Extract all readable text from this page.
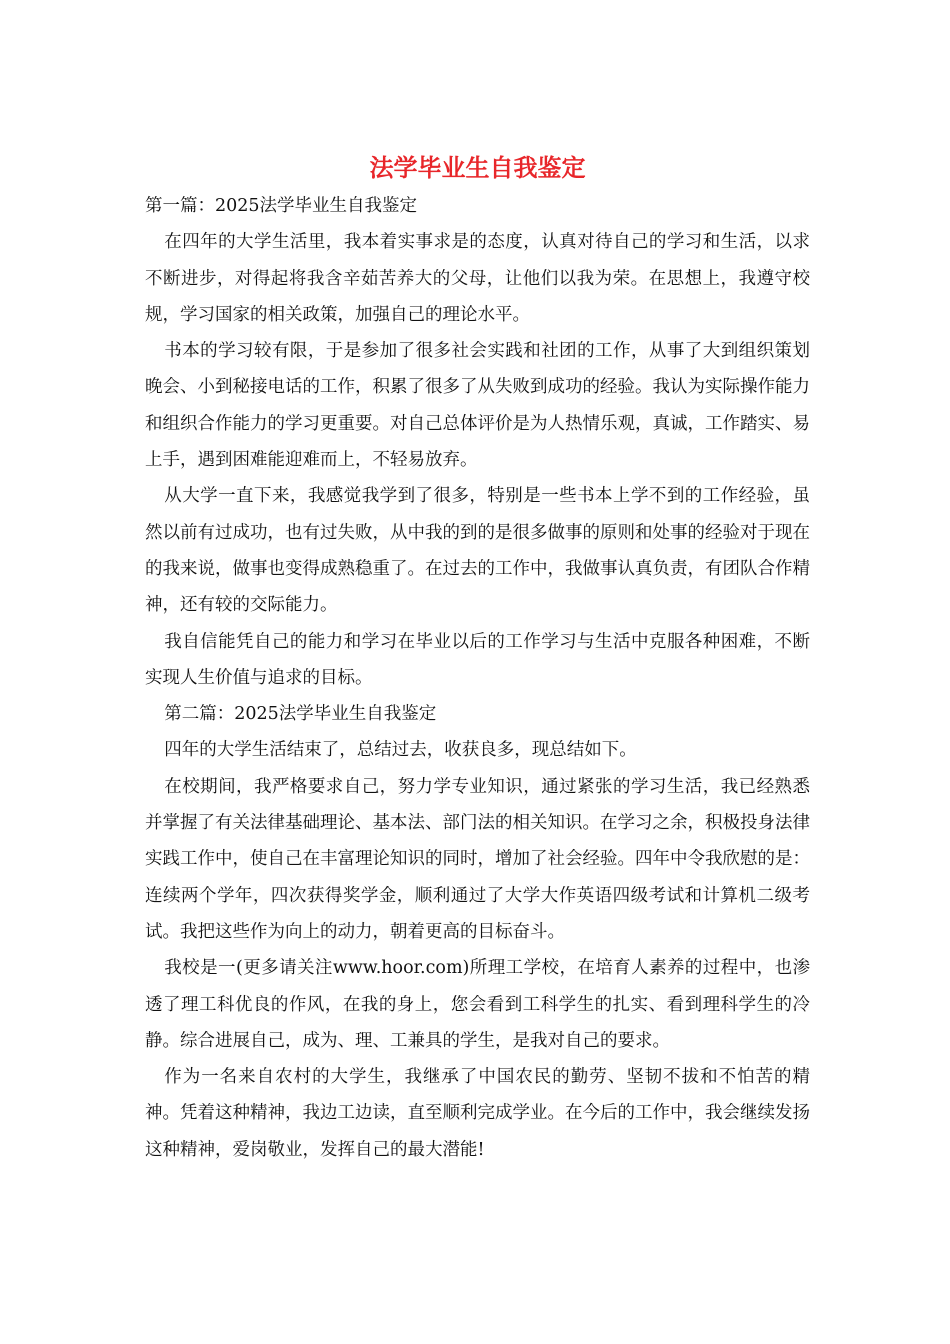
法学毕业生自我鉴定

第一篇：2025法学毕业生自我鉴定

在四年的大学生活里，我本着实事求是的态度，认真对待自己的学习和生活，以求不断进步，对得起将我含辛茹苦养大的父母，让他们以我为荣。在思想上，我遵守校规，学习国家的相关政策，加强自己的理论水平。

书本的学习较有限，于是参加了很多社会实践和社团的工作，从事了大到组织策划晚会、小到秘接电话的工作，积累了很多了从失败到成功的经验。我认为实际操作能力和组织合作能力的学习更重要。对自己总体评价是为人热情乐观，真诚，工作踏实、易上手，遇到困难能迎难而上，不轻易放弃。

从大学一直下来，我感觉我学到了很多，特别是一些书本上学不到的工作经验，虽然以前有过成功，也有过失败，从中我的到的是很多做事的原则和处事的经验对于现在的我来说，做事也变得成熟稳重了。在过去的工作中，我做事认真负责，有团队合作精神，还有较的交际能力。

我自信能凭自己的能力和学习在毕业以后的工作学习与生活中克服各种困难，不断实现人生价值与追求的目标。

第二篇：2025法学毕业生自我鉴定

四年的大学生活结束了，总结过去，收获良多，现总结如下。

在校期间，我严格要求自己，努力学专业知识，通过紧张的学习生活，我已经熟悉并掌握了有关法律基础理论、基本法、部门法的相关知识。在学习之余，积极投身法律实践工作中，使自己在丰富理论知识的同时，增加了社会经验。四年中令我欣慰的是：连续两个学年，四次获得奖学金，顺利通过了大学大作英语四级考试和计算机二级考试。我把这些作为向上的动力，朝着更高的目标奋斗。

我校是一(更多请关注www.hoor.com)所理工学校，在培育人素养的过程中，也渗透了理工科优良的作风，在我的身上，您会看到工科学生的扎实、看到理科学生的冷静。综合进展自己，成为、理、工兼具的学生，是我对自己的要求。

作为一名来自农村的大学生，我继承了中国农民的勤劳、坚韧不拔和不怕苦的精神。凭着这种精神，我边工边读，直至顺利完成学业。在今后的工作中，我会继续发扬这种精神，爱岗敬业，发挥自己的最大潜能!
